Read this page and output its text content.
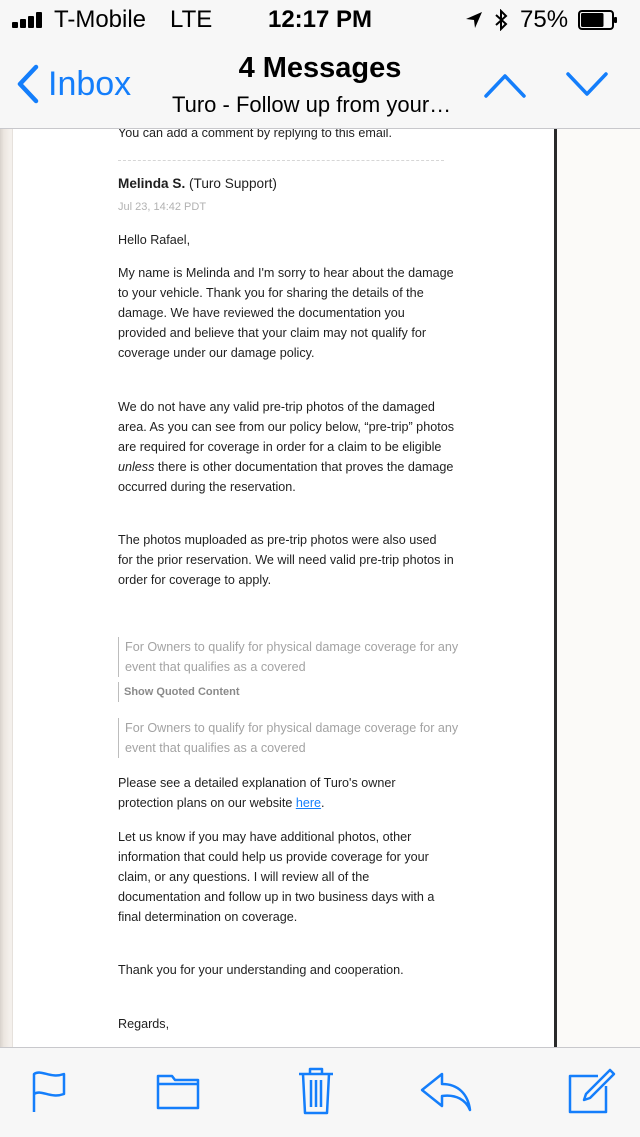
T-Mobile LTE	12:17 PM	75%
Inbox	4 Messages
Turo - Follow up from your…
You can add a comment by replying to this email.
Melinda S. (Turo Support)
Jul 23, 14:42 PDT

Hello Rafael,

My name is Melinda and I'm sorry to hear about the damage to your vehicle. Thank you for sharing the details of the damage. We have reviewed the documentation you provided and believe that your claim may not qualify for coverage under our damage policy.

We do not have any valid pre-trip photos of the damaged area. As you can see from our policy below, “pre-trip” photos are required for coverage in order for a claim to be eligible unless there is other documentation that proves the damage occurred during the reservation.

The photos muploaded as pre-trip photos were also used for the prior reservation. We will need valid pre-trip photos in order for coverage to apply.

For Owners to qualify for physical damage coverage for any event that qualifies as a covered
Show Quoted Content
For Owners to qualify for physical damage coverage for any event that qualifies as a covered

Please see a detailed explanation of Turo's owner protection plans on our website here.

Let us know if you may have additional photos, other information that could help us provide coverage for your claim, or any questions. I will review all of the documentation and follow up in two business days with a final determination on coverage.

Thank you for your understanding and cooperation.

Regards,
